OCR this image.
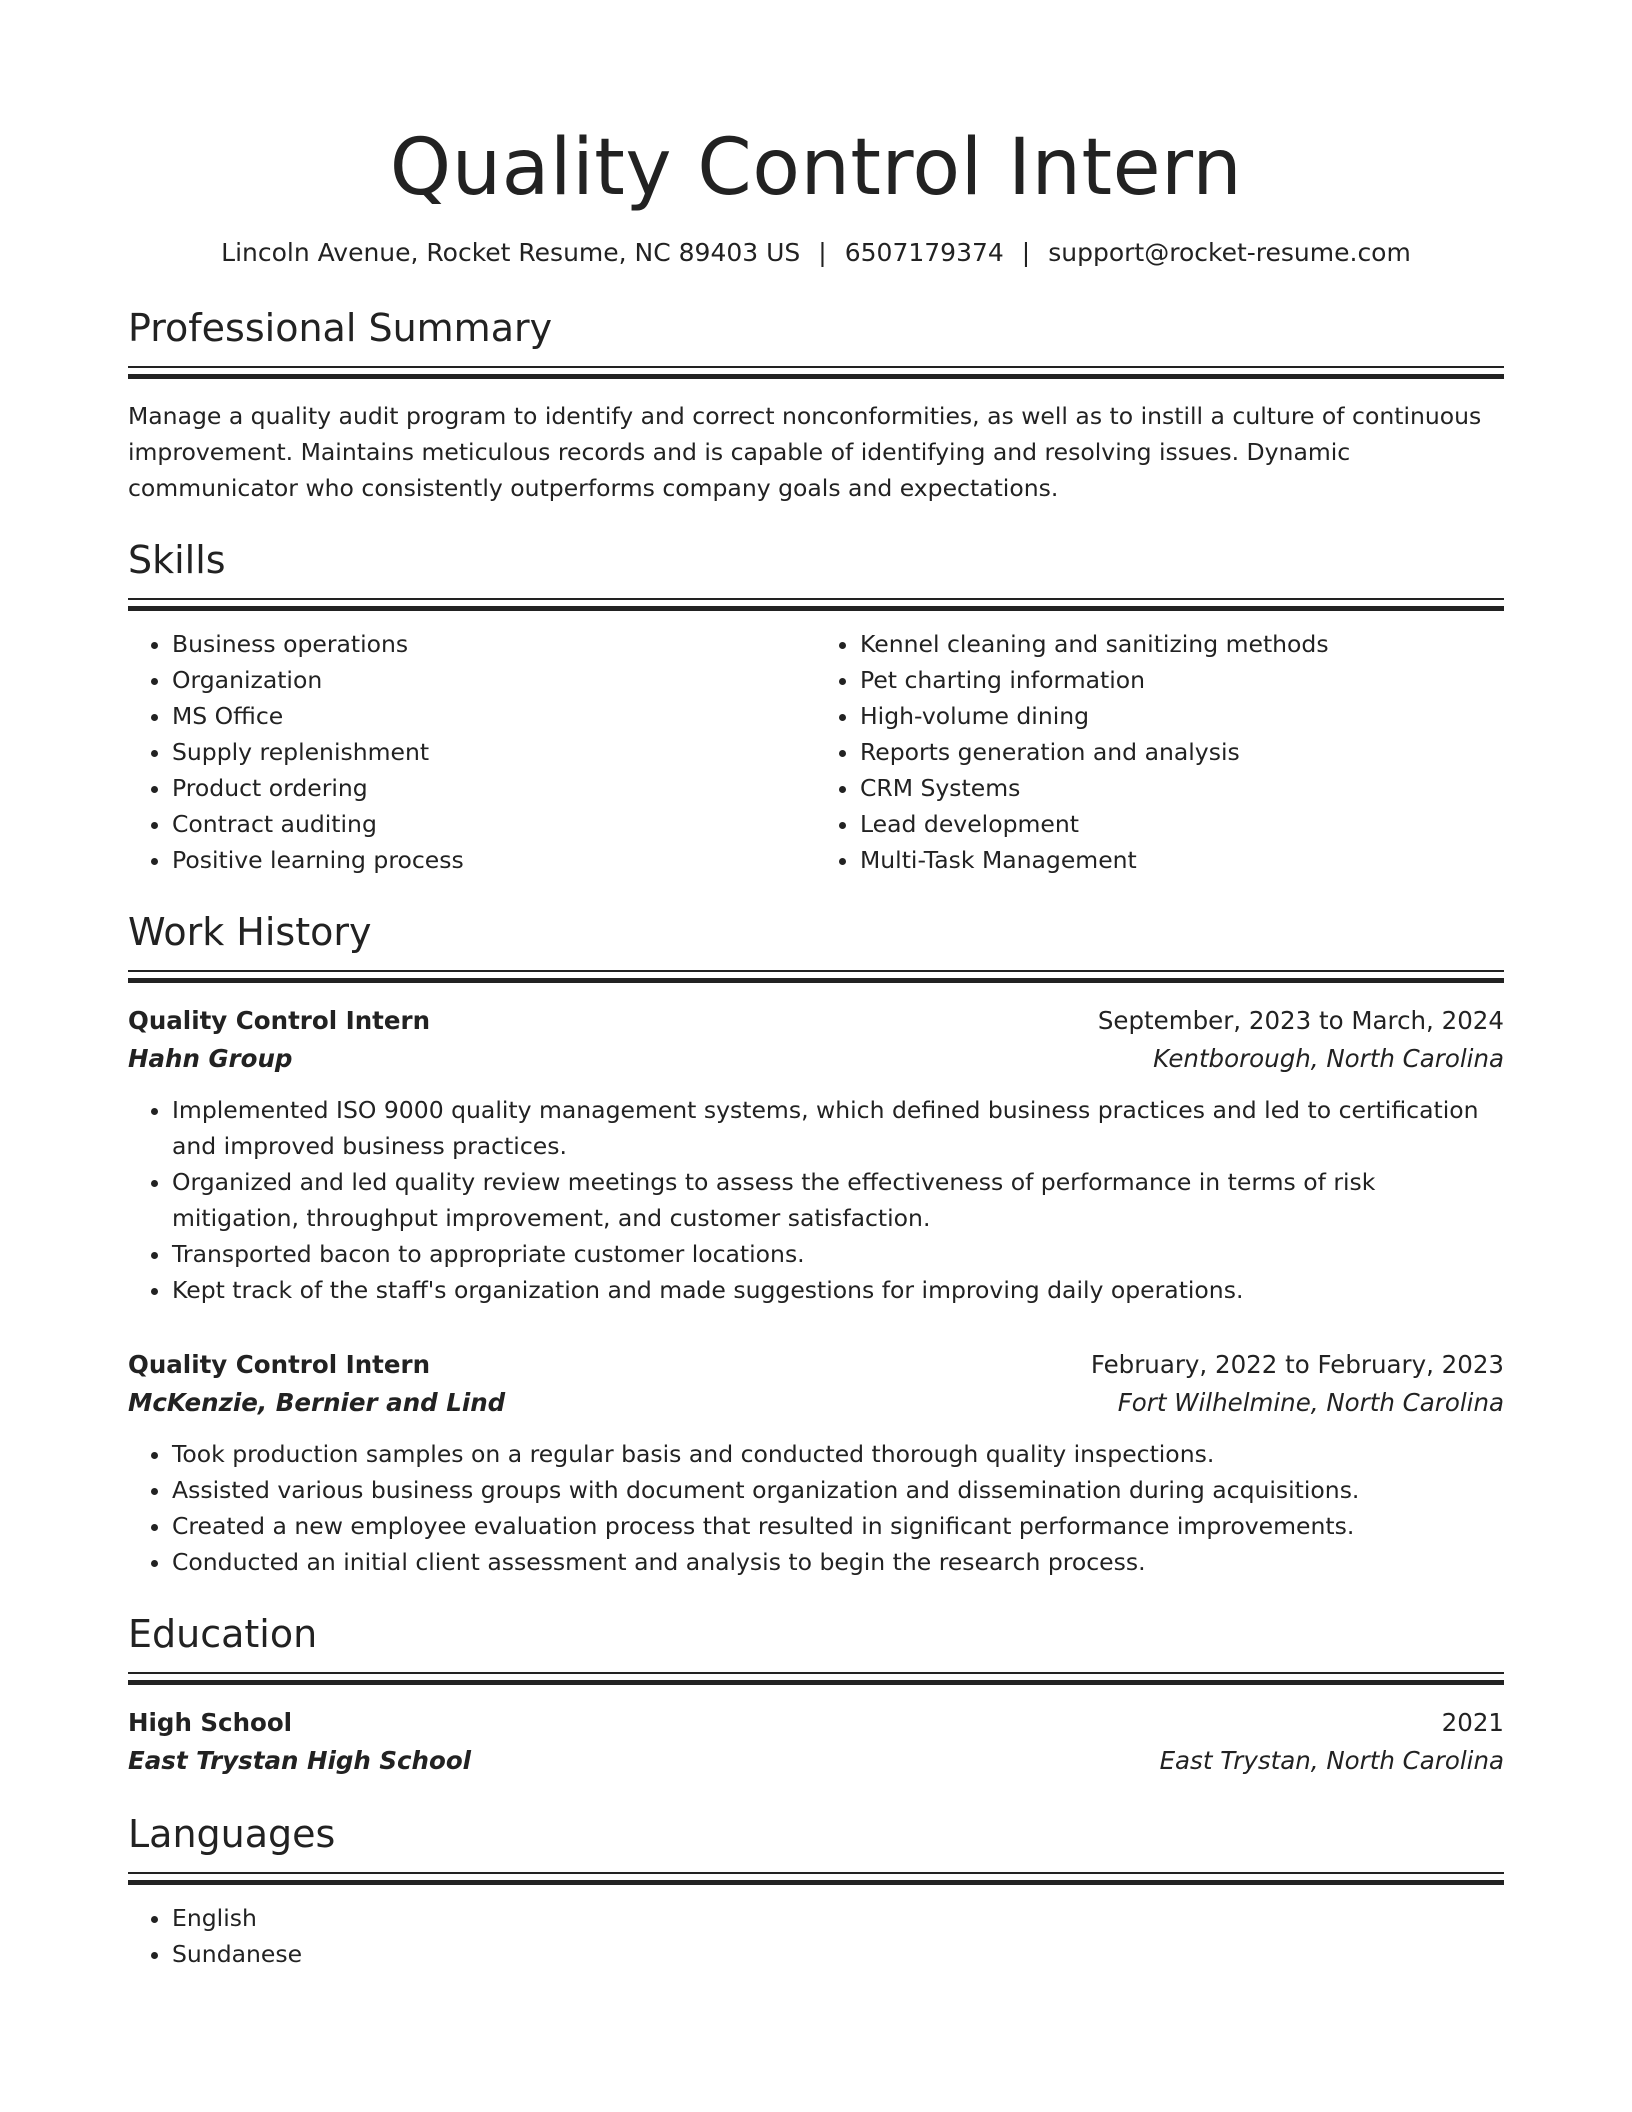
Quality Control Intern
Lincoln Avenue, Rocket Resume, NC 89403 US | 6507179374 | support@rocket-resume.com
Professional Summary
Manage a quality audit program to identify and correct nonconformities, as well as to instill a culture of continuous improvement. Maintains meticulous records and is capable of identifying and resolving issues. Dynamic communicator who consistently outperforms company goals and expectations.
Skills
• Business operations
• Organization
• MS Office
• Supply replenishment
• Product ordering
• Contract auditing
• Positive learning process
• Kennel cleaning and sanitizing methods
• Pet charting information
• High-volume dining
• Reports generation and analysis
• CRM Systems
• Lead development
• Multi-Task Management
Work History
Quality Control Intern	September, 2023 to March, 2024
Hahn Group	Kentborough, North Carolina
• Implemented ISO 9000 quality management systems, which defined business practices and led to certification and improved business practices.
• Organized and led quality review meetings to assess the effectiveness of performance in terms of risk mitigation, throughput improvement, and customer satisfaction.
• Transported bacon to appropriate customer locations.
• Kept track of the staff's organization and made suggestions for improving daily operations.
Quality Control Intern	February, 2022 to February, 2023
McKenzie, Bernier and Lind	Fort Wilhelmine, North Carolina
• Took production samples on a regular basis and conducted thorough quality inspections.
• Assisted various business groups with document organization and dissemination during acquisitions.
• Created a new employee evaluation process that resulted in significant performance improvements.
• Conducted an initial client assessment and analysis to begin the research process.
Education
High School	2021
East Trystan High School	East Trystan, North Carolina
Languages
• English
• Sundanese
